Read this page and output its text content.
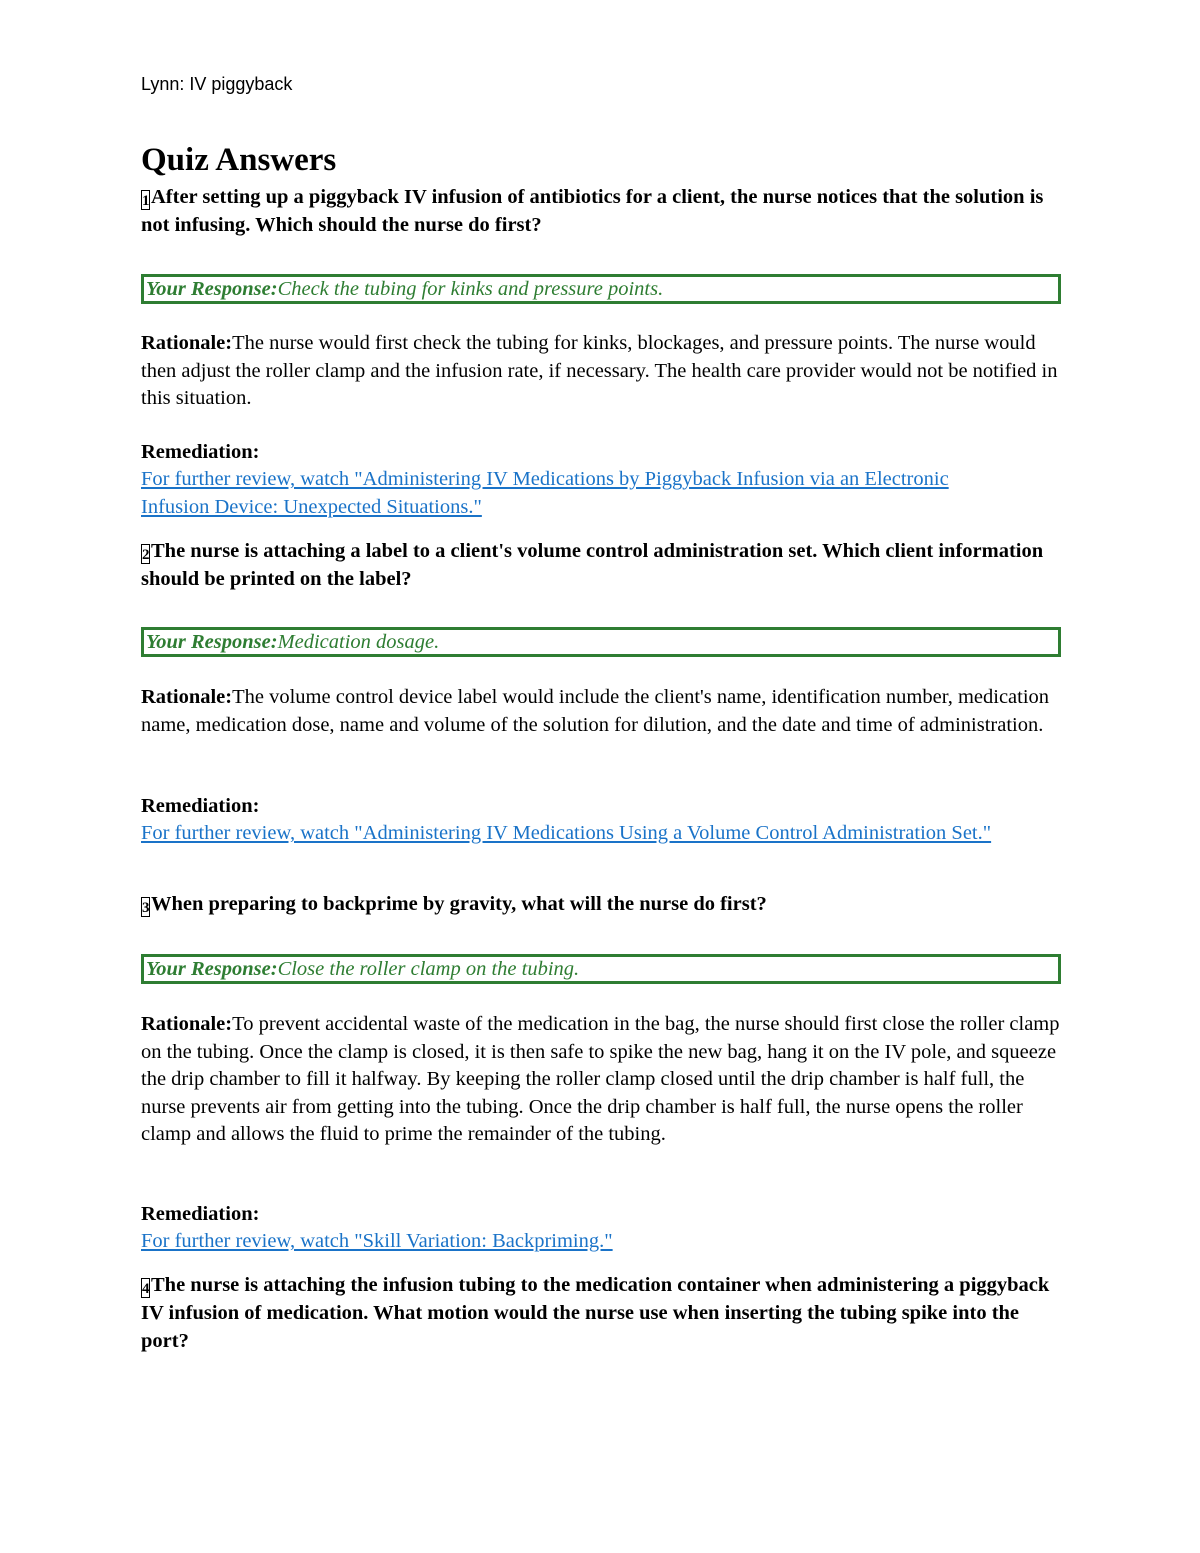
Lynn: IV piggyback
Quiz Answers

1After setting up a piggyback IV infusion of antibiotics for a client, the nurse notices that the solution is not infusing. Which should the nurse do first?

Your Response:Check the tubing for kinks and pressure points.

Rationale:The nurse would first check the tubing for kinks, blockages, and pressure points. The nurse would then adjust the roller clamp and the infusion rate, if necessary. The health care provider would not be notified in this situation.

Remediation:
For further review, watch "Administering IV Medications by Piggyback Infusion via an Electronic Infusion Device: Unexpected Situations."

2The nurse is attaching a label to a client's volume control administration set. Which client information should be printed on the label?

Your Response:Medication dosage.

Rationale:The volume control device label would include the client's name, identification number, medication name, medication dose, name and volume of the solution for dilution, and the date and time of administration.

Remediation:
For further review, watch "Administering IV Medications Using a Volume Control Administration Set."

3When preparing to backprime by gravity, what will the nurse do first?

Your Response:Close the roller clamp on the tubing.

Rationale:To prevent accidental waste of the medication in the bag, the nurse should first close the roller clamp on the tubing. Once the clamp is closed, it is then safe to spike the new bag, hang it on the IV pole, and squeeze the drip chamber to fill it halfway. By keeping the roller clamp closed until the drip chamber is half full, the nurse prevents air from getting into the tubing. Once the drip chamber is half full, the nurse opens the roller clamp and allows the fluid to prime the remainder of the tubing.

Remediation:
For further review, watch "Skill Variation: Backpriming."

4The nurse is attaching the infusion tubing to the medication container when administering a piggyback IV infusion of medication. What motion would the nurse use when inserting the tubing spike into the port?
